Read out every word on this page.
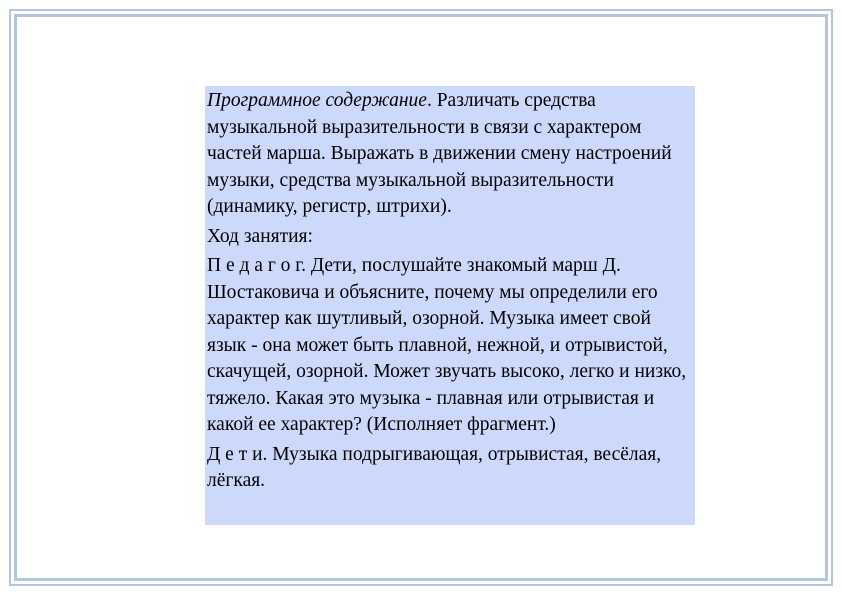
Программное содержание. Различать средства музыкальной выразительности в связи с характером частей марша. Выражать в движении смену настроений музыки, средства музыкальной выразительности (динамику, регистр, штрихи).

Ход занятия:

П е д а г о г. Дети, послушайте знакомый марш Д. Шостаковича и объясните, почему мы определили его характер как шутливый, озорной. Музыка имеет свой язык - она может быть плавной, нежной, и отрывистой, скачущей, озорной. Может звучать высоко, легко и низко, тяжело. Какая это музыка - плавная или отрывистая и какой ее характер? (Исполняет фрагмент.)

Д е т и. Музыка подрыгивающая, отрывистая, весёлая, лёгкая.
